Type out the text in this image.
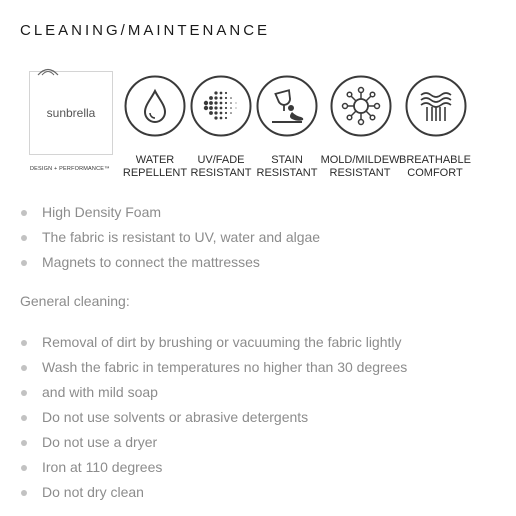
CLEANING/MAINTENANCE
sunbrella
DESIGN + PERFORMANCE™
WATER
REPELLENT
UV/FADE
RESISTANT
STAIN
RESISTANT
MOLD/MILDEW
RESISTANT
BREATHABLE
COMFORT
High Density Foam
The fabric is resistant to UV, water and algae
Magnets to connect the mattresses
General cleaning:
Removal of dirt by brushing or vacuuming the fabric lightly
Wash the fabric in temperatures no higher than 30 degrees
and with mild soap
Do not use solvents or abrasive detergents
Do not use a dryer
Iron at 110 degrees
Do not dry clean
